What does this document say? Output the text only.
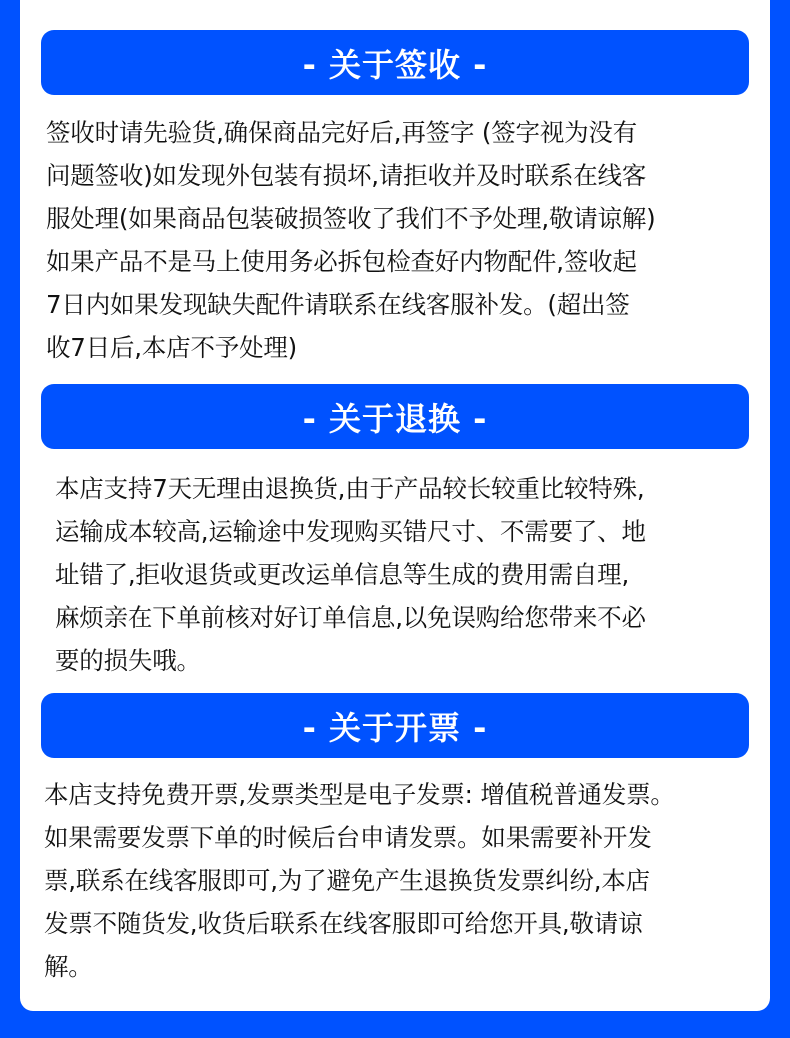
- 关于签收 -
签收时请先验货,确保商品完好后,再签字 (签字视为没有
问题签收)如发现外包装有损坏,请拒收并及时联系在线客
服处理(如果商品包装破损签收了我们不予处理,敬请谅解)
如果产品不是马上使用务必拆包检查好内物配件,签收起
7日内如果发现缺失配件请联系在线客服补发。(超出签
收7日后,本店不予处理)
- 关于退换 -
本店支持7天无理由退换货,由于产品较长较重比较特殊,
运输成本较高,运输途中发现购买错尺寸、不需要了、地
址错了,拒收退货或更改运单信息等生成的费用需自理,
麻烦亲在下单前核对好订单信息,以免误购给您带来不必
要的损失哦。
- 关于开票 -
本店支持免费开票,发票类型是电子发票: 增值税普通发票。
如果需要发票下单的时候后台申请发票。如果需要补开发
票,联系在线客服即可,为了避免产生退换货发票纠纷,本店
发票不随货发,收货后联系在线客服即可给您开具,敬请谅
解。
